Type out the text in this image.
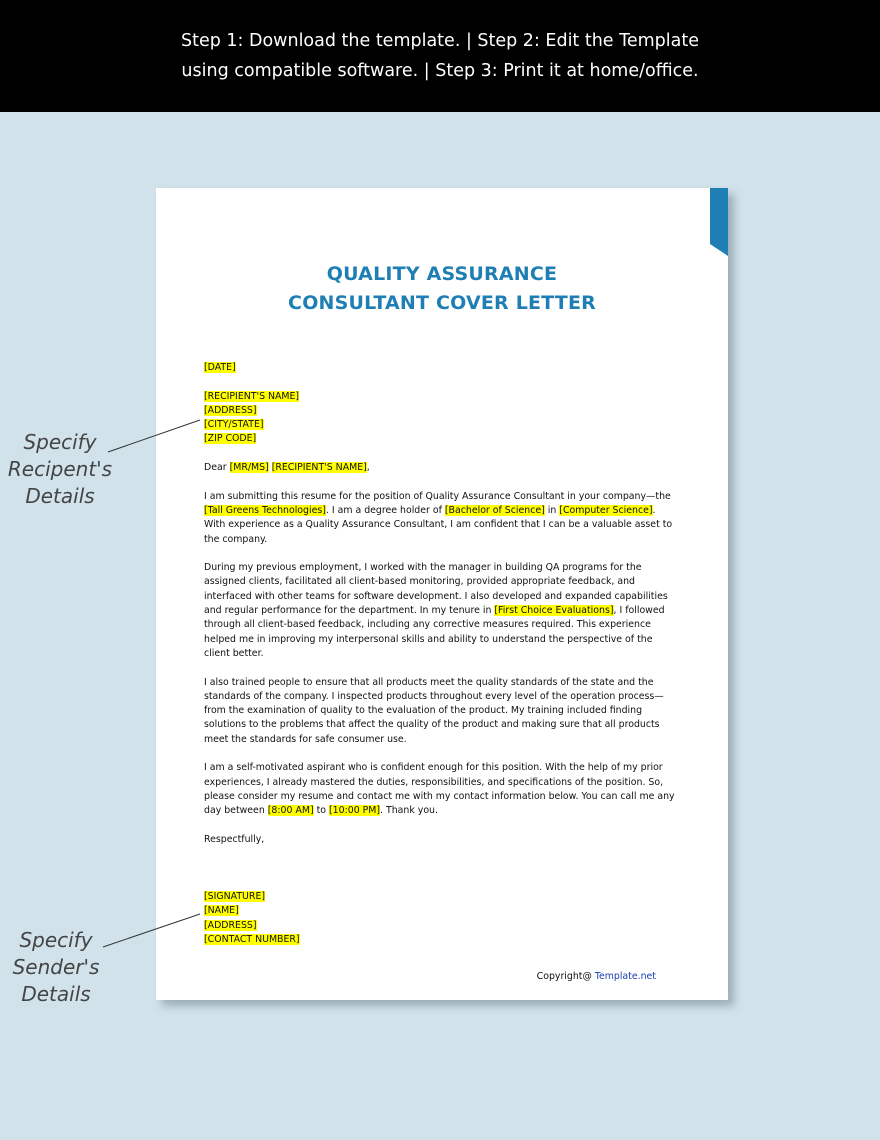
Step 1: Download the template. | Step 2: Edit the Template
using compatible software. | Step 3: Print it at home/office.
QUALITY ASSURANCE
CONSULTANT COVER LETTER
[DATE]
[RECIPIENT'S NAME]
[ADDRESS]
[CITY/STATE]
[ZIP CODE]
Dear [MR/MS] [RECIPIENT'S NAME],
I am submitting this resume for the position of Quality Assurance Consultant in your company—the
[Tall Greens Technologies]. I am a degree holder of [Bachelor of Science] in [Computer Science].
With experience as a Quality Assurance Consultant, I am confident that I can be a valuable asset to
the company.
During my previous employment, I worked with the manager in building QA programs for the
assigned clients, facilitated all client-based monitoring, provided appropriate feedback, and
interfaced with other teams for software development. I also developed and expanded capabilities
and regular performance for the department. In my tenure in [First Choice Evaluations], I followed
through all client-based feedback, including any corrective measures required. This experience
helped me in improving my interpersonal skills and ability to understand the perspective of the
client better.
I also trained people to ensure that all products meet the quality standards of the state and the
standards of the company. I inspected products throughout every level of the operation process—
from the examination of quality to the evaluation of the product. My training included finding
solutions to the problems that affect the quality of the product and making sure that all products
meet the standards for safe consumer use.
I am a self-motivated aspirant who is confident enough for this position. With the help of my prior
experiences, I already mastered the duties, responsibilities, and specifications of the position. So,
please consider my resume and contact me with my contact information below. You can call me any
day between [8:00 AM] to [10:00 PM]. Thank you.
Respectfully,
[SIGNATURE]
[NAME]
[ADDRESS]
[CONTACT NUMBER]
Copyright@ Template.net
Specify
Recipent's
Details
Specify
Sender's
Details
